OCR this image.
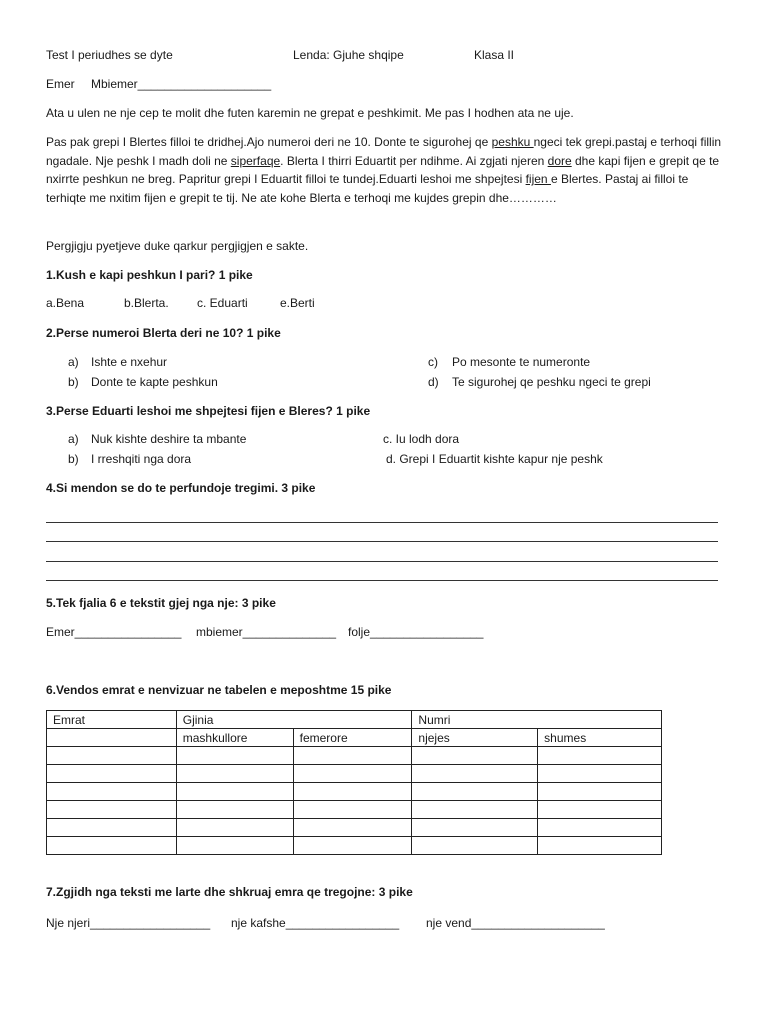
Test I periudhes se dyte	Lenda: Gjuhe shqipe	Klasa II
Emer Mbiemer____________________
Ata u ulen ne nje cep te molit dhe futen karemin ne grepat e peshkimit. Me pas I hodhen ata ne uje.
Pas pak grepi I Blertes filloi te dridhej.Ajo numeroi deri ne 10. Donte te sigurohej qe peshku ngeci tek grepi.pastaj e terhoqi fillin ngadale. Nje peshk I madh doli ne siperfaqe. Blerta I thirri Eduartit per ndihme. Ai zgjati njeren dore dhe kapi fijen e grepit qe te nxirrte peshkun ne breg. Papritur grepi I Eduartit filloi te tundej.Eduarti leshoi me shpejtesi fijen e Blertes. Pastaj ai filloi te terhiqte me nxitim fijen e grepit te tij. Ne ate kohe Blerta e terhoqi me kujdes grepin dhe…………
Pergjigju pyetjeve duke qarkur pergjigjen e sakte.
1.Kush e kapi peshkun I pari? 1 pike
a.Bena	b.Blerta. c. Eduarti	e.Berti
2.Perse numeroi Blerta deri ne 10? 1 pike
a) Ishte e nxehur
b) Donte te kapte peshkun
c) Po mesonte te numeronte
d) Te sigurohej qe peshku ngeci te grepi
3.Perse Eduarti leshoi me shpejtesi fijen e Bleres? 1 pike
a) Nuk kishte deshire ta mbante
b) I rreshqiti nga dora
c. Iu lodh dora
d. Grepi I Eduartit kishte kapur nje peshk
4.Si mendon se do te perfundoje tregimi. 3 pike
5.Tek fjalia 6 e tekstit gjej nga nje: 3 pike
Emer________________ mbiemer______________ folje_________________
6.Vendos emrat e nenvizuar ne tabelen e meposhtme 15 pike
Emrat	Gjinia		Numri	
	mashkullore	femerore	njejes	shumes

7.Zgjidh nga teksti me larte dhe shkruaj emra qe tregojne: 3 pike
Nje njeri__________________ nje kafshe_________________ nje vend____________________
